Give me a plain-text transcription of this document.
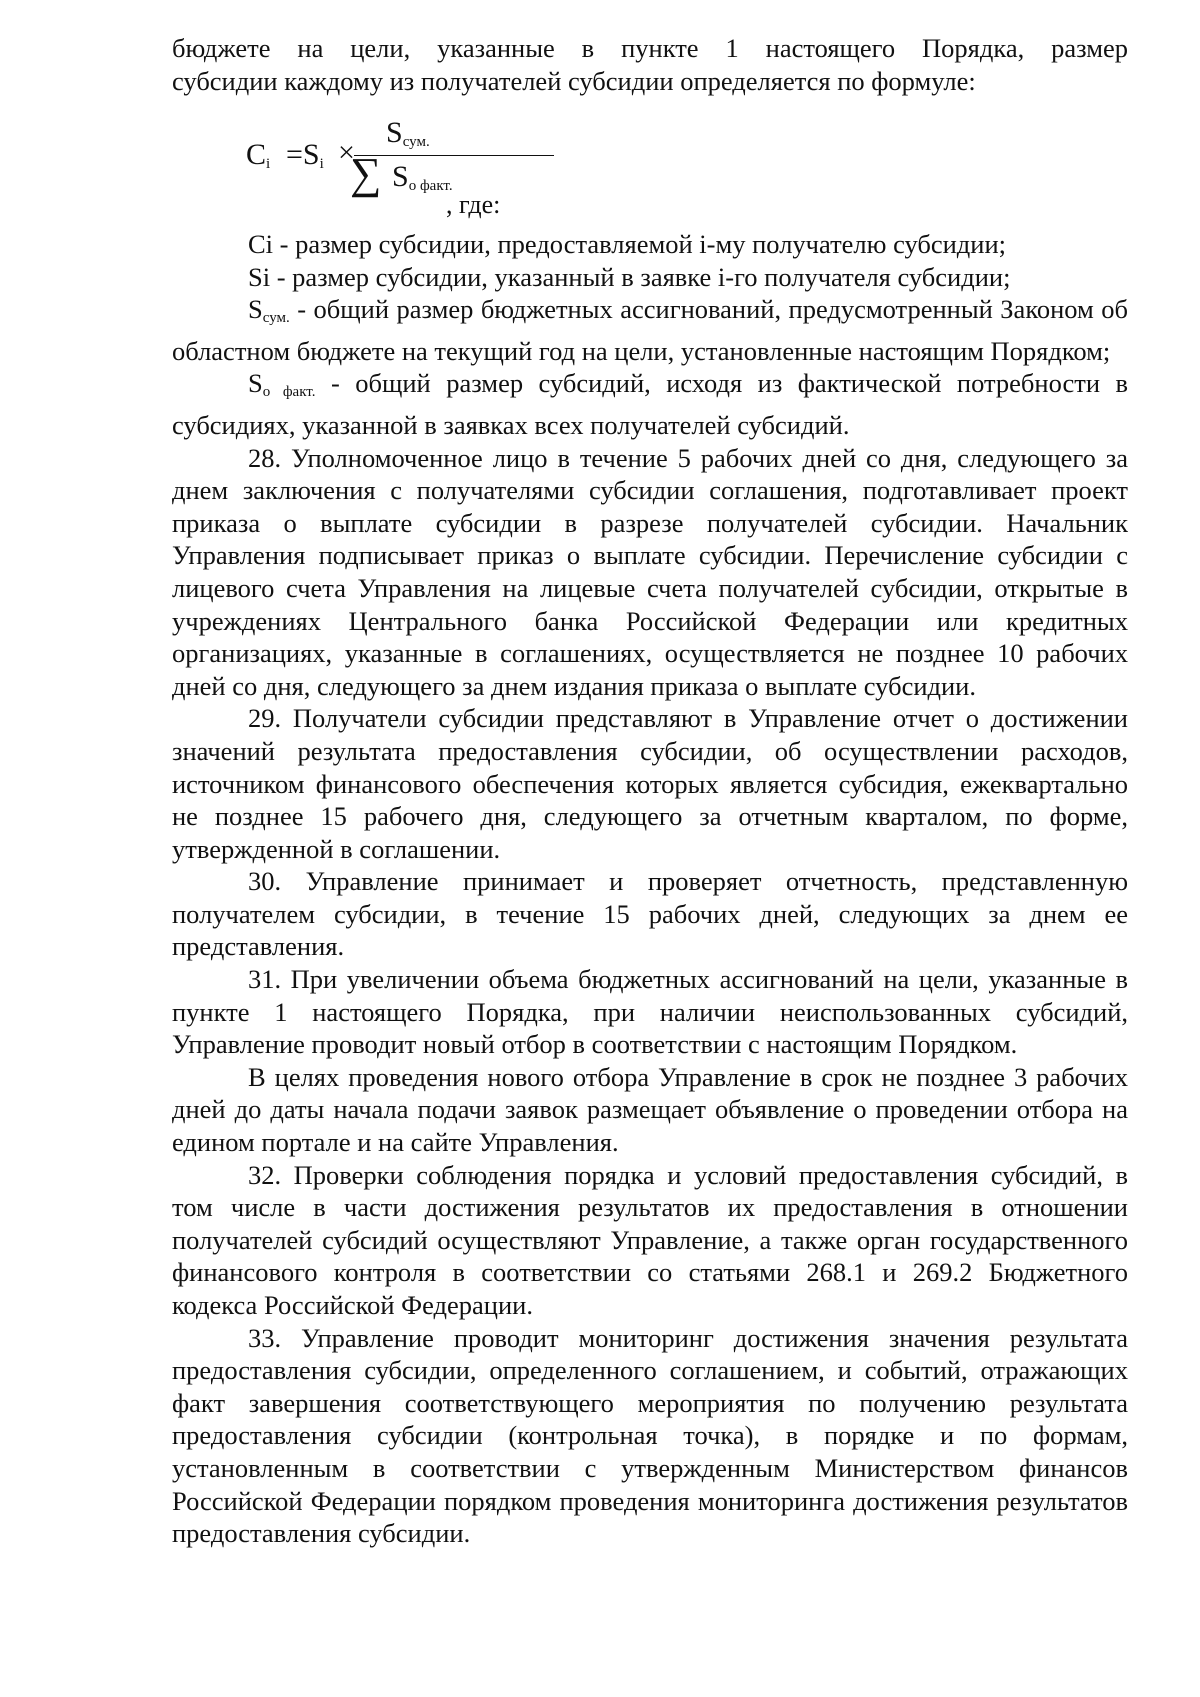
бюджете на цели, указанные в пункте 1 настоящего Порядка, размер
субсидии каждому из получателей субсидии определяется по формуле:
$C_i =S_i$ ×
$S_{сум.}$
∑ $S_{о факт.}$
, где:
Ci - размер субсидии, предоставляемой i-му получателю субсидии;
Si - размер субсидии, указанный в заявке i-го получателя субсидии;
$S_{сум.}$ - общий размер бюджетных ассигнований, предусмотренный Законом об областном бюджете на текущий год на цели, установленные настоящим Порядком;
$S_{о факт.}$ - общий размер субсидий, исходя из фактической потребности в субсидиях, указанной в заявках всех получателей субсидий.
28. Уполномоченное лицо в течение 5 рабочих дней со дня, следующего за днем заключения с получателями субсидии соглашения, подготавливает проект приказа о выплате субсидии в разрезе получателей субсидии. Начальник Управления подписывает приказ о выплате субсидии. Перечисление субсидии с лицевого счета Управления на лицевые счета получателей субсидии, открытые в учреждениях Центрального банка Российской Федерации или кредитных организациях, указанные в соглашениях, осуществляется не позднее 10 рабочих дней со дня, следующего за днем издания приказа о выплате субсидии.
29. Получатели субсидии представляют в Управление отчет о достижении значений результата предоставления субсидии, об осуществлении расходов, источником финансового обеспечения которых является субсидия, ежеквартально не позднее 15 рабочего дня, следующего за отчетным кварталом, по форме, утвержденной в соглашении.
30. Управление принимает и проверяет отчетность, представленную получателем субсидии, в течение 15 рабочих дней, следующих за днем ее представления.
31. При увеличении объема бюджетных ассигнований на цели, указанные в пункте 1 настоящего Порядка, при наличии неиспользованных субсидий, Управление проводит новый отбор в соответствии с настоящим Порядком.
В целях проведения нового отбора Управление в срок не позднее 3 рабочих дней до даты начала подачи заявок размещает объявление о проведении отбора на едином портале и на сайте Управления.
32. Проверки соблюдения порядка и условий предоставления субсидий, в том числе в части достижения результатов их предоставления в отношении получателей субсидий осуществляют Управление, а также орган государственного финансового контроля в соответствии со статьями 268.1 и 269.2 Бюджетного кодекса Российской Федерации.
33. Управление проводит мониторинг достижения значения результата предоставления субсидии, определенного соглашением, и событий, отражающих факт завершения соответствующего мероприятия по получению результата предоставления субсидии (контрольная точка), в порядке и по формам, установленным в соответствии с утвержденным Министерством финансов Российской Федерации порядком проведения мониторинга достижения результатов предоставления субсидии.
